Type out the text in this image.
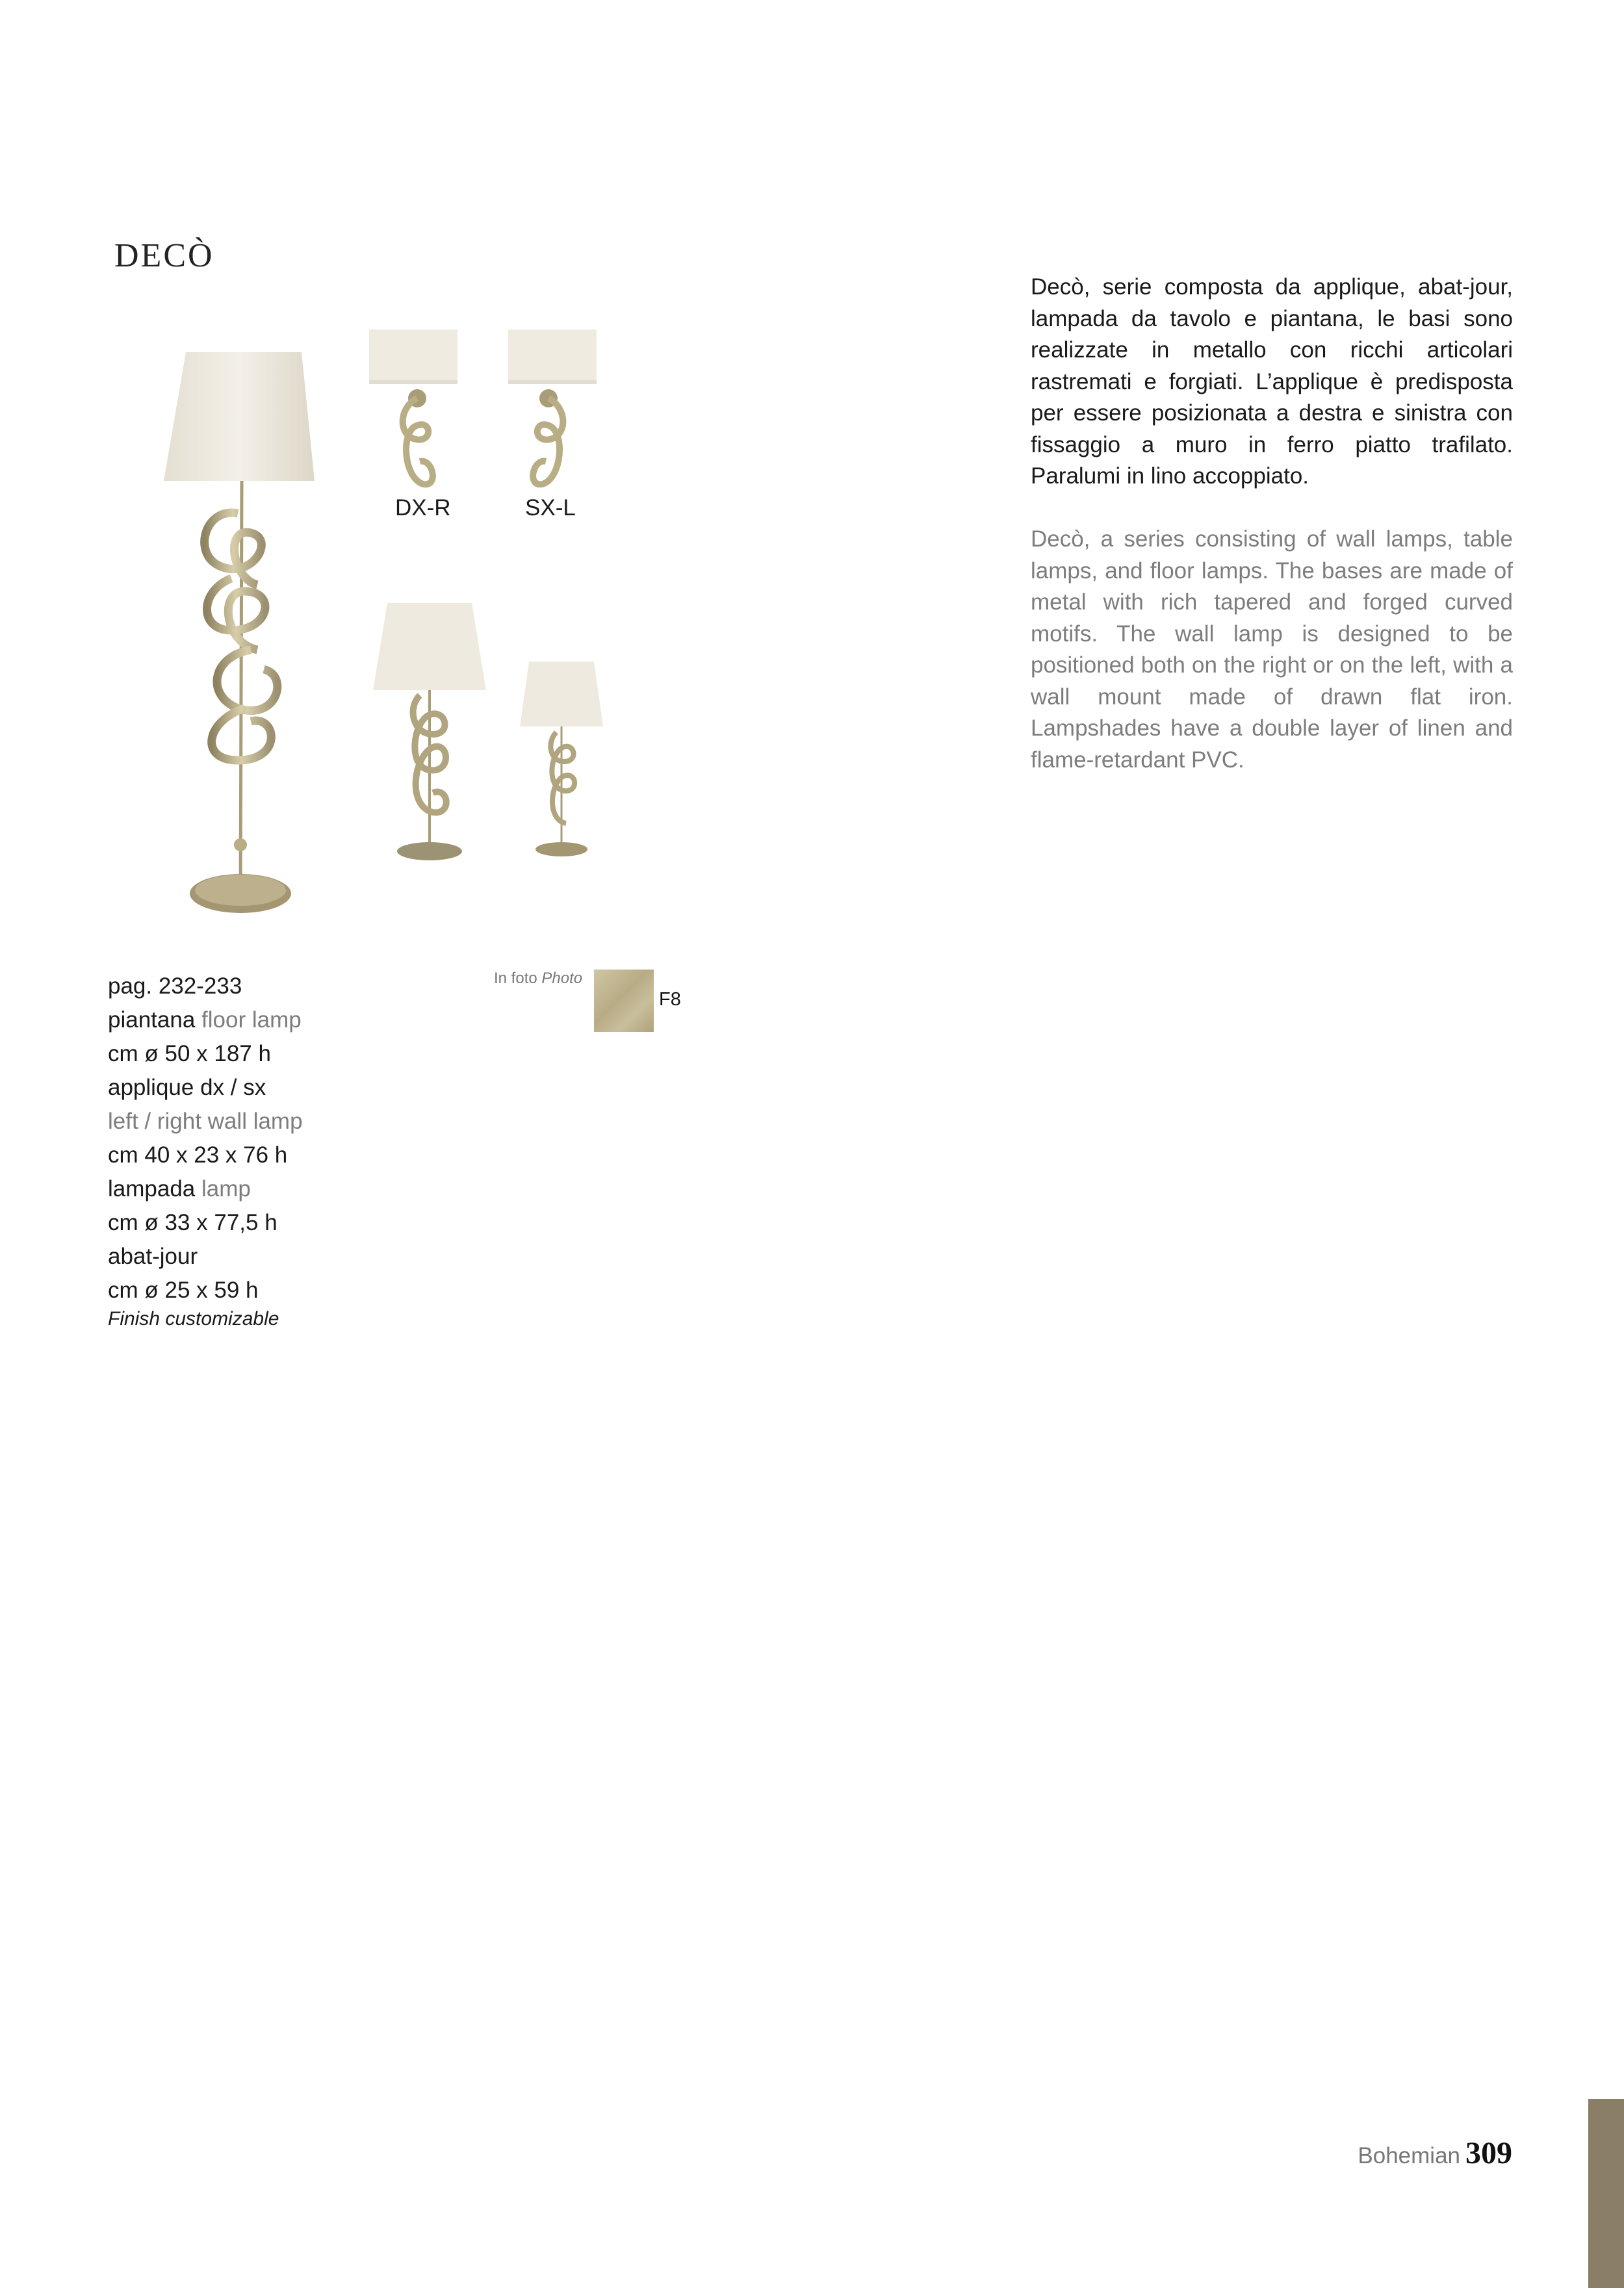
DECÒ
DX-R	SX-L

Decò, serie composta da applique, abat-jour, lampada da tavolo e piantana, le basi sono realizzate in metallo con ricchi articolari rastremati e forgiati. L’applique è predisposta per essere posizionata a destra e sinistra con fissaggio a muro in ferro piatto trafilato. Paralumi in lino accoppiato.

Decò, a series consisting of wall lamps, table lamps, and floor lamps. The bases are made of metal with rich tapered and forged curved motifs. The wall lamp is designed to be positioned both on the right or on the left, with a wall mount made of drawn flat iron. Lampshades have a double layer of linen and flame-retardant PVC.

pag. 232-233
piantana floor lamp
cm ø 50 x 187 h
applique dx / sx
left / right wall lamp
cm 40 x 23 x 76 h
lampada lamp
cm ø 33 x 77,5 h
abat-jour
cm ø 25 x 59 h
Finish customizable
In foto Photo
F8
Bohemian 309
